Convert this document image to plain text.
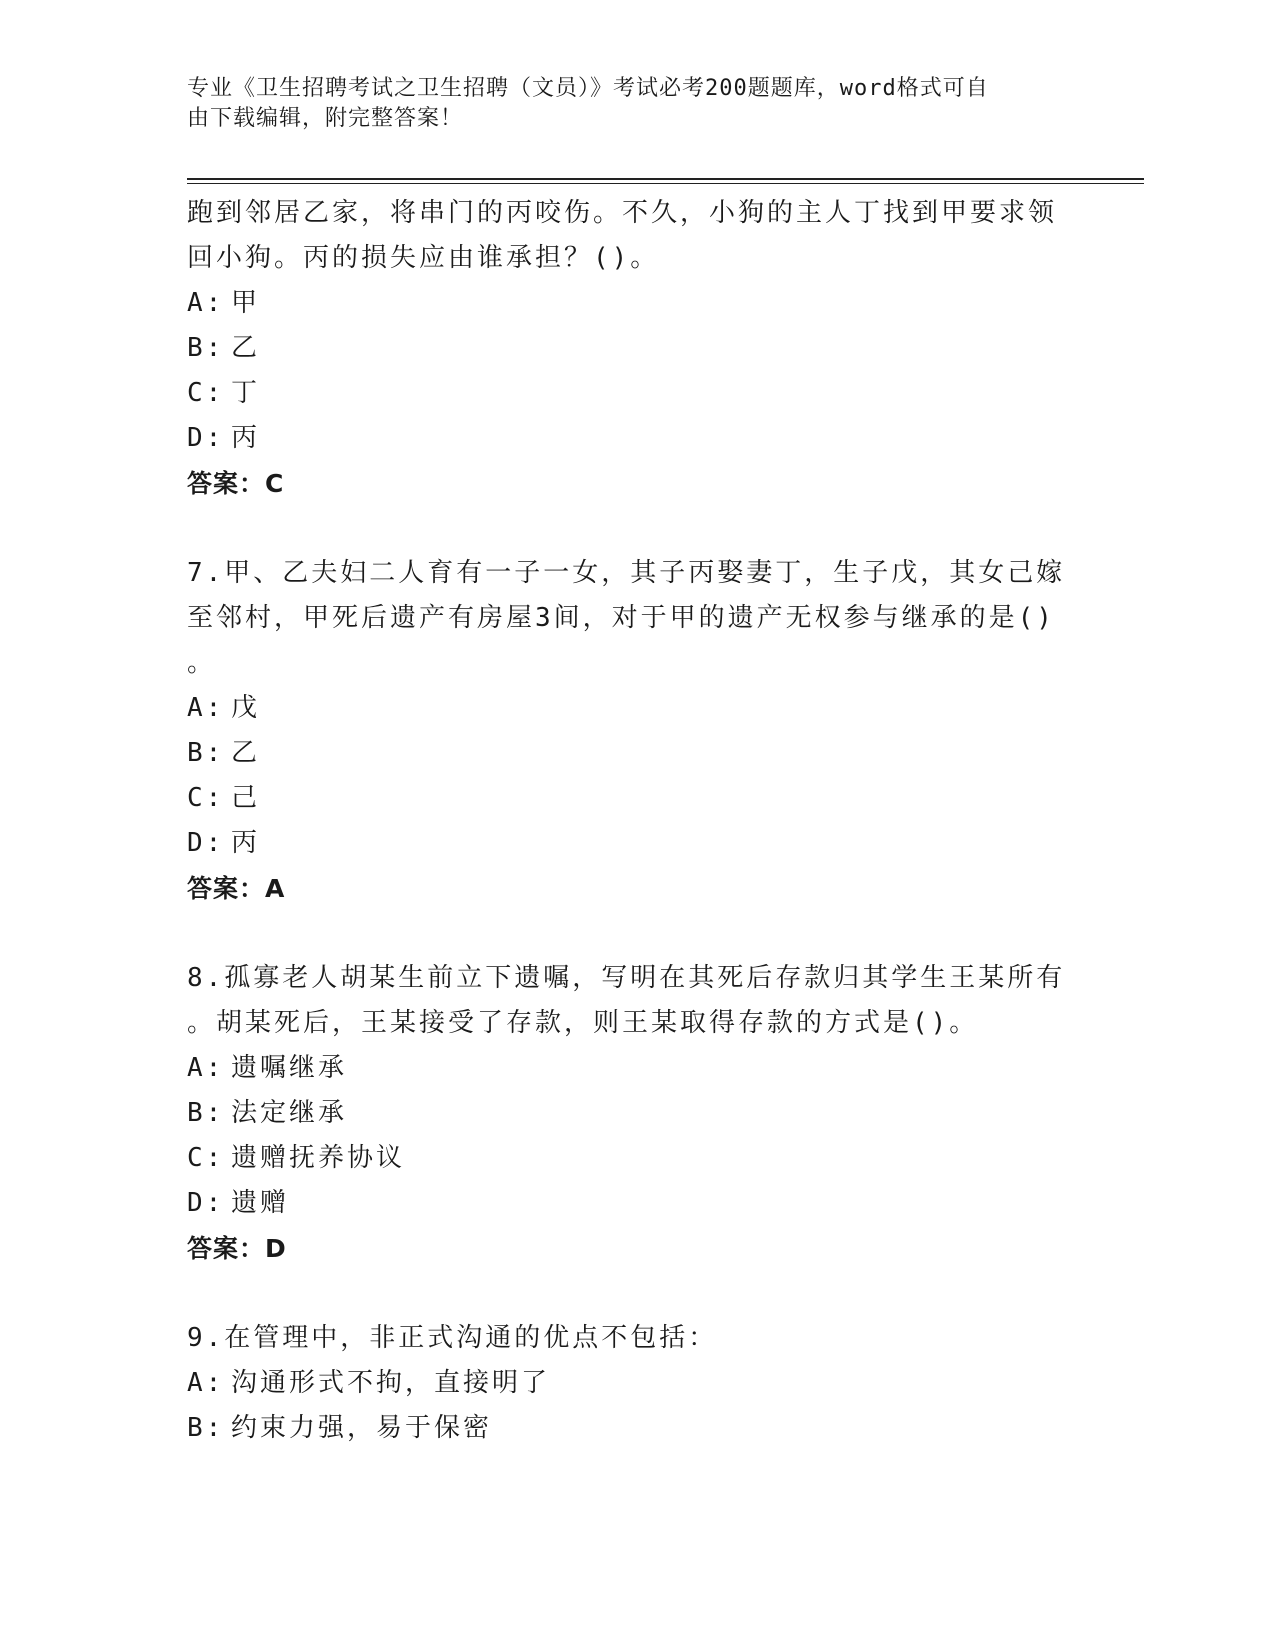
专业《卫生招聘考试之卫生招聘（文员）》考试必考200题题库，word格式可自
由下载编辑，附完整答案！
跑到邻居乙家，将串门的丙咬伤。不久，小狗的主人丁找到甲要求领
回小狗。丙的损失应由谁承担？()。
A: 甲
B: 乙
C: 丁
D: 丙
答案：C
7.甲、乙夫妇二人育有一子一女，其子丙娶妻丁，生子戊，其女己嫁
至邻村，甲死后遗产有房屋3间，对于甲的遗产无权参与继承的是()
。
A: 戊
B: 乙
C: 己
D: 丙
答案：A
8.孤寡老人胡某生前立下遗嘱，写明在其死后存款归其学生王某所有
。胡某死后，王某接受了存款，则王某取得存款的方式是()。
A: 遗嘱继承
B: 法定继承
C: 遗赠抚养协议
D: 遗赠
答案：D
9.在管理中，非正式沟通的优点不包括：
A: 沟通形式不拘，直接明了
B: 约束力强，易于保密
